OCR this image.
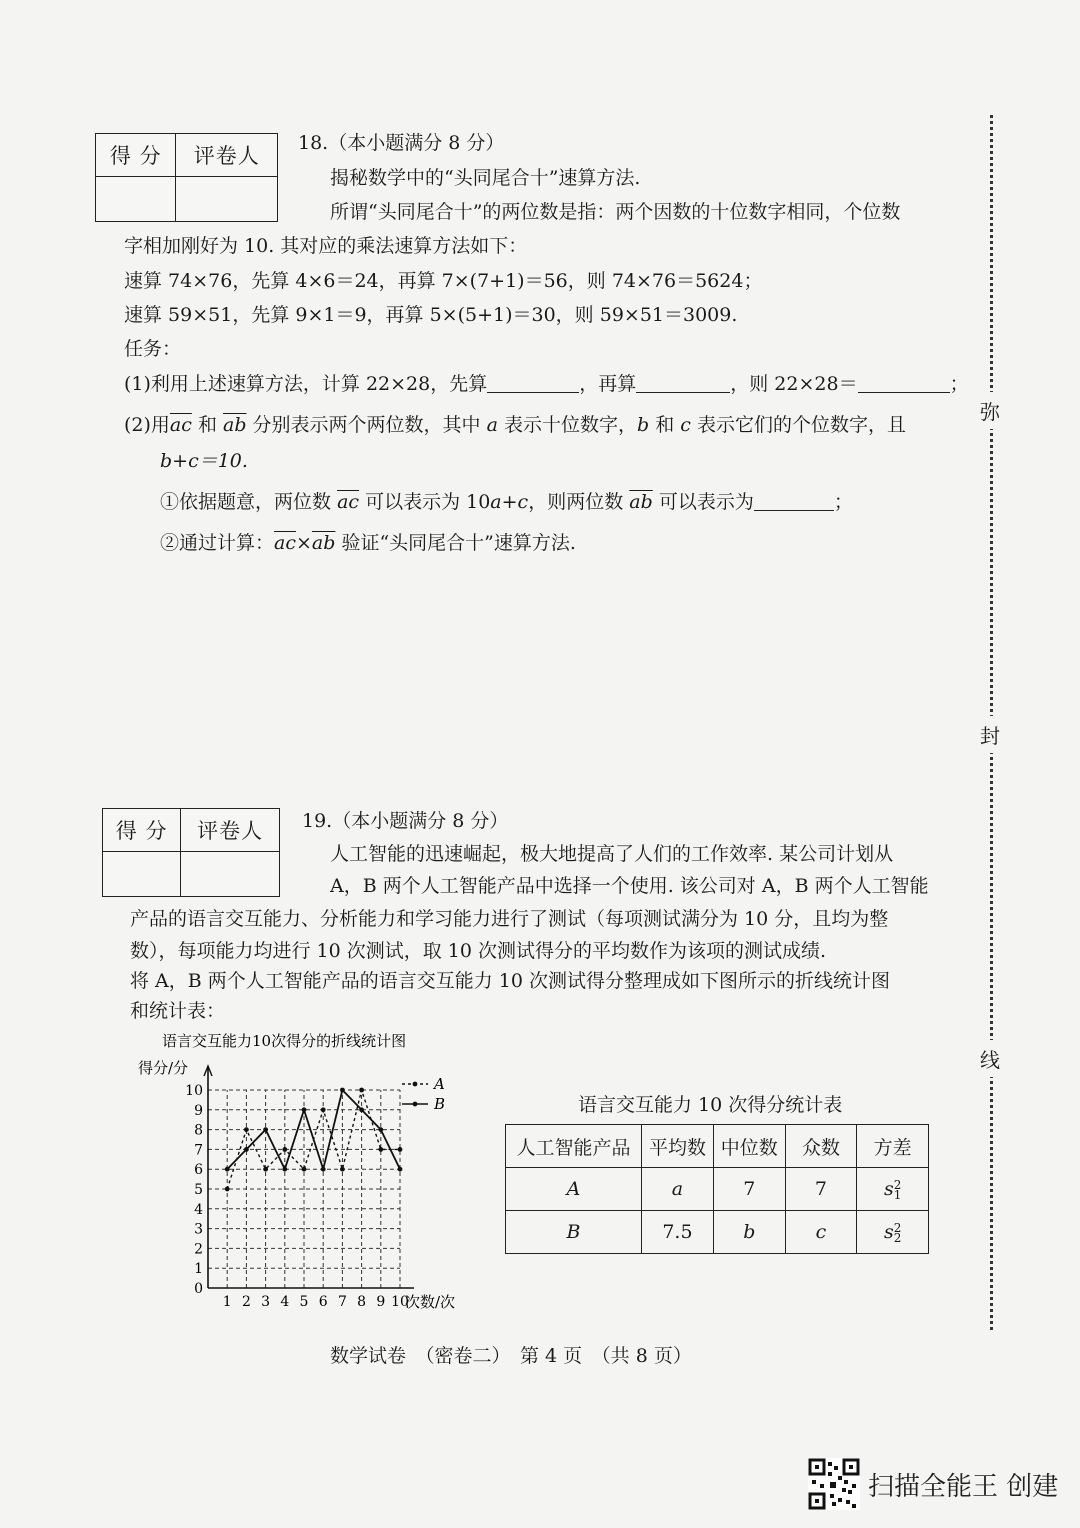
得 分	评卷人

18.（本小题满分 8 分）
揭秘数学中的“头同尾合十”速算方法.
所谓“头同尾合十”的两位数是指：两个因数的十位数字相同，个位数
字相加刚好为 10. 其对应的乘法速算方法如下：
速算 74×76，先算 4×6＝24，再算 7×(7+1)＝56，则 74×76＝5624；
速算 59×51，先算 9×1＝9，再算 5×(5+1)＝30，则 59×51＝3009.
任务：
(1)利用上述速算方法，计算 22×28，先算	，再算	，则 22×28＝	；
(2)用$\overline{ac}$ 和 $\overline{ab}$ 分别表示两个两位数，其中 a 表示十位数字，b 和 c 表示它们的个位数字，且
b+c＝10.
①依据题意，两位数 $\overline{ac}$ 可以表示为 10a+c，则两位数 $\overline{ab}$ 可以表示为	；
②通过计算：$\overline{ac}\times\overline{ab}$ 验证“头同尾合十”速算方法.
得 分	评卷人
	19.（本小题满分 8 分）
人工智能的迅速崛起，极大地提高了人们的工作效率. 某公司计划从
A，B 两个人工智能产品中选择一个使用. 该公司对 A，B 两个人工智能
产品的语言交互能力、分析能力和学习能力进行了测试（每项测试满分为 10 分，且均为整
数），每项能力均进行 10 次测试，取 10 次测试得分的平均数作为该项的测试成绩.
将 A，B 两个人工智能产品的语言交互能力 10 次测试得分整理成如下图所示的折线统计图
和统计表：
语言交互能力10次得分的折线统计图
得分/分
次数/次
0
1
2
3
4
5
6
7
8
9
10
1 2 3 4 5 6 7 8 9 10
A
B	语言交互能力 10 次得分统计表
人工智能产品	平均数	中位数	众数	方差
A	a	7	7	s 2
1

B	7.5	b	c	s 2
2
弥
封
线
数学试卷　（密卷二）　第 4 页　（共 8 页）
扫描全能王 创建
